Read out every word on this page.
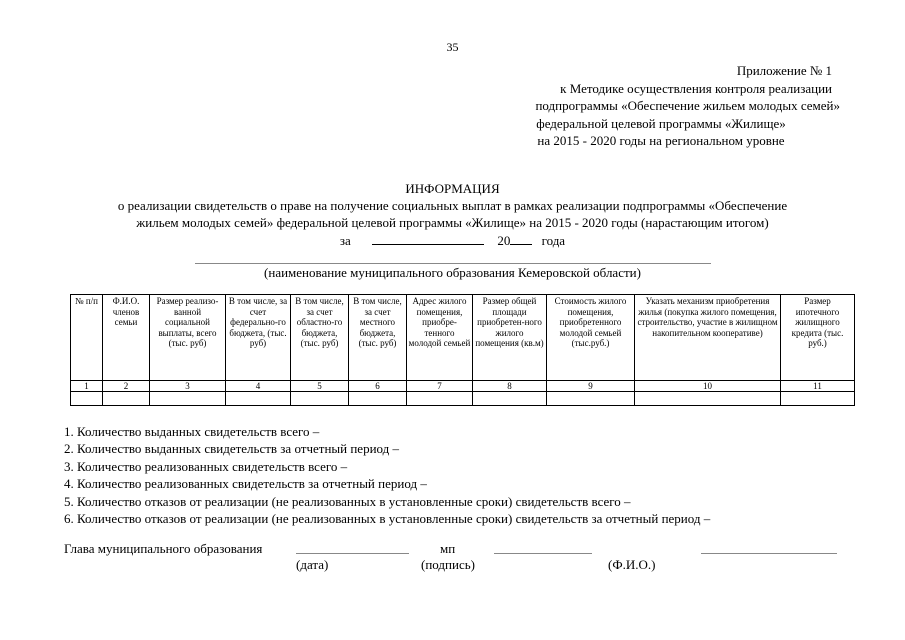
35
Приложение № 1
к Методике осуществления контроля реализации
подпрограммы «Обеспечение жильем молодых семей»
федеральной целевой программы «Жилище»
на 2015 - 2020 годы на региональном уровне
ИНФОРМАЦИЯ
о реализации свидетельств о праве на получение социальных выплат в рамках реализации подпрограммы «Обеспечение
жильем молодых семей» федеральной целевой программы «Жилище» на 2015 - 2020 годы (нарастающим итогом)
за	20 года
(наименование муниципального образования Кемеровской области)
№ п/п	Ф.И.О. членов семьи	Размер реализо-ванной социальной выплаты, всего (тыс. руб)	В том числе, за счет федерально-го бюджета, (тыс. руб)	В том числе, за счет областно-го бюджета, (тыс. руб)	В том числе, за счет местного бюджета, (тыс. руб)	Адрес жилого помещения, приобре-тенного молодой семьей	Размер общей площади приобретен-ного жилого помещения (кв.м)	Стоимость жилого помещения, приобретенного молодой семьей (тыс.руб.)	Указать механизм приобретения жилья (покупка жилого помещения, строительство, участие в жилищном накопительном кооперативе)	Размер ипотечного жилищного кредита (тыс. руб.)
1	2	3	4	5	6	7	8	9	10	11

1. Количество выданных свидетельств всего –
2. Количество выданных свидетельств за отчетный период –
3. Количество реализованных свидетельств всего –
4. Количество реализованных свидетельств за отчетный период –
5. Количество отказов от реализации (не реализованных в установленные сроки) свидетельств всего –
6. Количество отказов от реализации (не реализованных в установленные сроки) свидетельств за отчетный период –
Глава муниципального образования	мп
(дата)	(подпись)	(Ф.И.О.)
